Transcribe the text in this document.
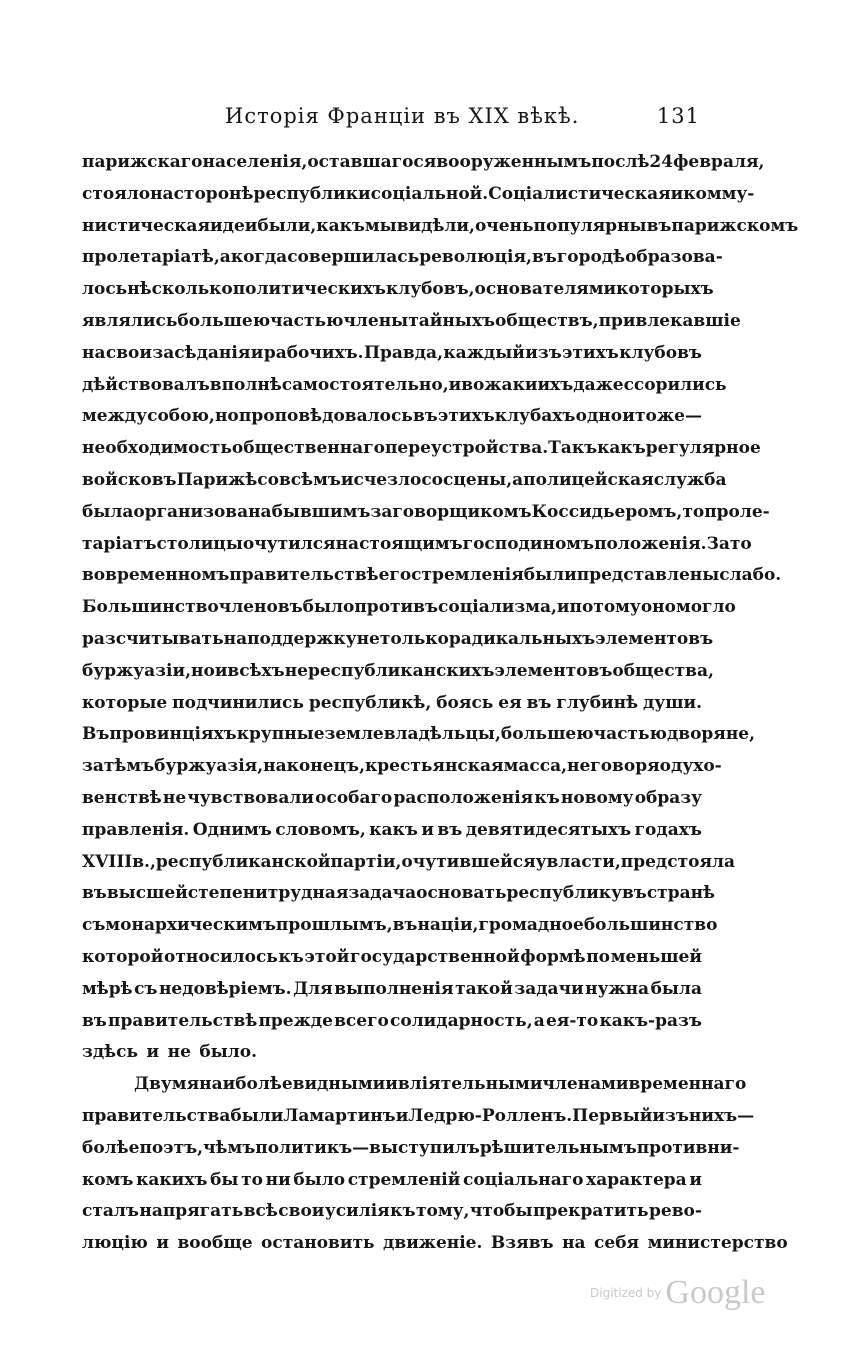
Исторія Франціи въ XIX вѣкѣ.	131
парижскаго населенія, оставшагося вооруженнымъ послѣ 24 февраля,
стояло на сторонѣ республики соціальной. Соціалистическая и комму-
нистическая идеи были, какъ мы видѣли, очень популярны въ парижскомъ
пролетаріатѣ, а когда совершилась революція, въ городѣ образова-
лось нѣсколько политическихъ клубовъ, основателями которыхъ
являлись большею частью члены тайныхъ обществъ, привлекавшіе
на свои засѣданія и рабочихъ. Правда, каждый изъ этихъ клубовъ
дѣйствовалъ вполнѣ самостоятельно, и вожаки ихъ даже ссорились
между собою, но проповѣдовалось въ этихъ клубахъ одно и то же—
необходимость общественнаго переустройства. Такъ какъ регулярное
войско въ Парижѣ совсѣмъ исчезло со сцены, а полицейская служба
была организована бывшимъ заговорщикомъ Коссидьеромъ, то проле-
таріатъ столицы очутился настоящимъ господиномъ положенія. Зато
во временномъ правительствѣ его стремленія были представлены слабо.
Большинство членовъ было противъ соціализма, и потому оно могло
разсчитывать на поддержку не только радикальныхъ элементовъ
буржуазіи, но и всѣхъ нереспубликанскихъ элементовъ общества,
которые подчинились республикѣ, боясь ея въ глубинѣ души.
Въ провинціяхъ крупные землевладѣльцы, большею частью дворяне,
затѣмъ буржуазія, наконецъ, крестьянская масса, не говоря о духо-
венствѣ не чувствовали особаго расположенія къ новому образу
правленія. Однимъ словомъ, какъ и въ девятидесятыхъ годахъ
XVIII в., республиканской партіи, очутившейся у власти, предстояла
въ высшей степени трудная задача основать республику въ странѣ
съ монархическимъ прошлымъ, въ націи, громадное большинство
которой относилось къ этой государственной формѣ по меньшей
мѣрѣ съ недовѣріемъ. Для выполненія такой задачи нужна была
въ правительствѣ прежде всего солидарность, а ея-то какъ-разъ
здѣсь и не было.
Двумя наиболѣе видными и вліятельными членами временнаго
правительства были Ламартинъ и Ледрю-Ролленъ. Первый изъ нихъ—
болѣе поэтъ, чѣмъ политикъ—выступилъ рѣшительнымъ противни-
комъ какихъ бы то ни было стремленій соціальнаго характера и
сталъ напрягать всѣ свои усилія къ тому, чтобы прекратить рево-
люцію и вообще остановить движеніе. Взявъ на себя министерство
$^{Digitized by}$ Google
